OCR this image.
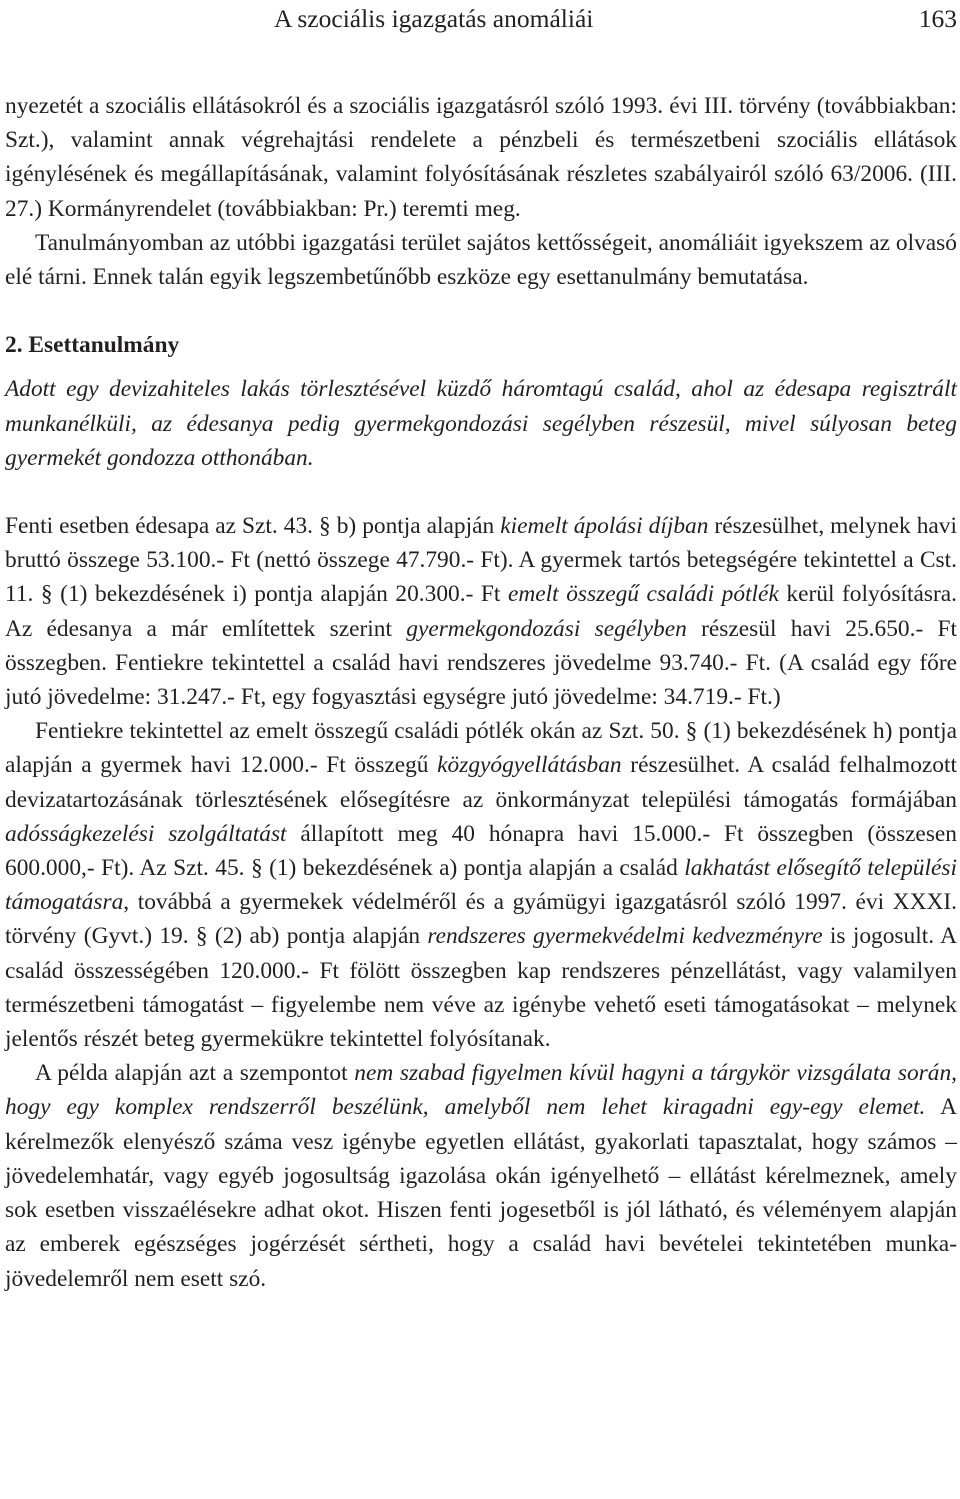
A szociális igazgatás anomáliái	163

nyezetét a szociális ellátásokról és a szociális igazgatásról szóló 1993. évi III. törvény (továbbiakban: Szt.), valamint annak végrehajtási rendelete a pénzbeli és természetbeni szociális ellátások igénylésének és megállapításának, valamint folyósításának részletes szabályairól szóló 63/2006. (III. 27.) Kormányrendelet (továbbiakban: Pr.) teremti meg.

Tanulmányomban az utóbbi igazgatási terület sajátos kettősségeit, anomáliáit igyekszem az olvasó elé tárni. Ennek talán egyik legszembetűnőbb eszköze egy esettanulmány bemutatása.

2. Esettanulmány

Adott egy devizahiteles lakás törlesztésével küzdő háromtagú család, ahol az édesapa regisztrált munkanélküli, az édesanya pedig gyermekgondozási segélyben részesül, mivel súlyosan beteg gyermekét gondozza otthonában.

Fenti esetben édesapa az Szt. 43. § b) pontja alapján kiemelt ápolási díjban részesülhet, melynek havi bruttó összege 53.100.- Ft (nettó összege 47.790.- Ft). A gyermek tartós betegségére tekintettel a Cst. 11. § (1) bekezdésének i) pontja alapján 20.300.- Ft emelt összegű családi pótlék kerül folyósításra. Az édesanya a már említettek szerint gyermekgondozási segélyben részesül havi 25.650.- Ft összegben. Fentiekre tekintettel a család havi rendszeres jövedelme 93.740.- Ft. (A család egy főre jutó jövedelme: 31.247.- Ft, egy fogyasztási egységre jutó jövedelme: 34.719.- Ft.)

Fentiekre tekintettel az emelt összegű családi pótlék okán az Szt. 50. § (1) bekezdésének h) pontja alapján a gyermek havi 12.000.- Ft összegű közgyógyellátásban részesülhet. A család felhalmozott devizatartozásának törlesztésének elősegítésre az önkormányzat települési támogatás formájában adósságkezelési szolgáltatást állapított meg 40 hónapra havi 15.000.- Ft összegben (összesen 600.000,- Ft). Az Szt. 45. § (1) bekezdésének a) pontja alapján a család lakhatást elősegítő települési támogatásra, továbbá a gyermekek védelméről és a gyámügyi igazgatásról szóló 1997. évi XXXI. törvény (Gyvt.) 19. § (2) ab) pontja alapján rendszeres gyermekvédelmi kedvezményre is jogosult. A család összességében 120.000.- Ft fölött összegben kap rendszeres pénzellátást, vagy valamilyen természetbeni támogatást – figyelembe nem véve az igénybe vehető eseti támogatásokat – melynek jelentős részét beteg gyermekükre tekintettel folyósítanak.

A példa alapján azt a szempontot nem szabad figyelmen kívül hagyni a tárgykör vizsgálata során, hogy egy komplex rendszerről beszélünk, amelyből nem lehet kiragadni egy-egy elemet. A kérelmezők elenyésző száma vesz igénybe egyetlen ellátást, gyakorlati tapasztalat, hogy számos – jövedelemhatár, vagy egyéb jogosultság igazolása okán igényelhető – ellátást kérelmeznek, amely sok esetben visszaélésekre adhat okot. Hiszen fenti jogesetből is jól látható, és véleményem alapján az emberek egészséges jogérzését sértheti, hogy a család havi bevételei tekintetében munkajövedelemről nem esett szó.
